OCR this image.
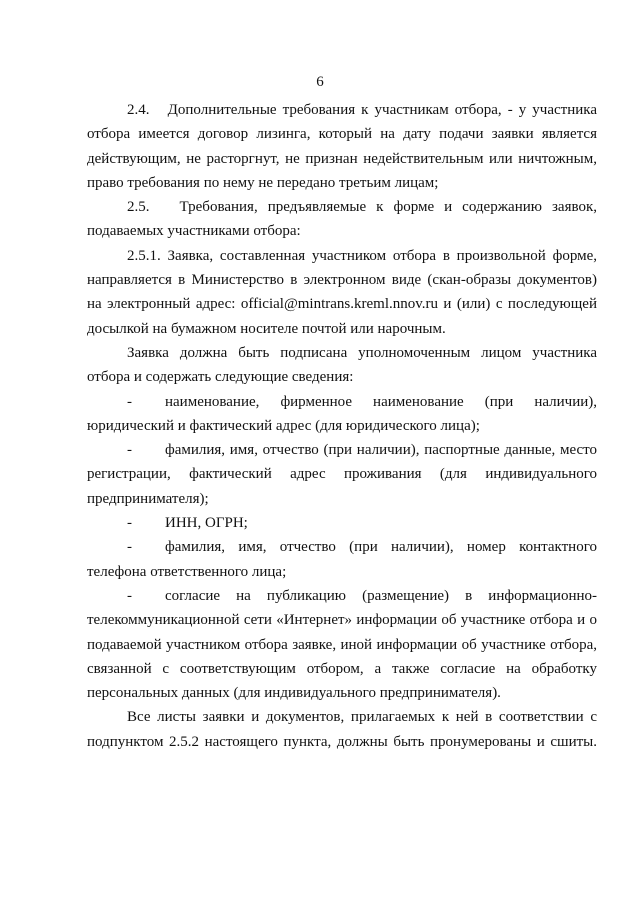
6

2.4.   Дополнительные требования к участникам отбора, - у участника отбора имеется договор лизинга, который на дату подачи заявки является действующим, не расторгнут, не признан недействительным или ничтожным, право требования по нему не передано третьим лицам;

2.5.   Требования, предъявляемые к форме и содержанию заявок, подаваемых участниками отбора:

2.5.1. Заявка, составленная участником отбора в произвольной форме, направляется в Министерство в электронном виде (скан-образы документов) на электронный адрес: official@mintrans.kreml.nnov.ru и (или) с последующей досылкой на бумажном носителе почтой или нарочным.

Заявка должна быть подписана уполномоченным лицом участника отбора и содержать следующие сведения:

- наименование, фирменное наименование (при наличии), юридический и фактический адрес (для юридического лица);

- фамилия, имя, отчество (при наличии), паспортные данные, место регистрации, фактический адрес проживания (для индивидуального предпринимателя);

- ИНН, ОГРН;

- фамилия, имя, отчество (при наличии), номер контактного телефона ответственного лица;

- согласие на публикацию (размещение) в информационно-телекоммуникационной сети «Интернет» информации об участнике отбора и о подаваемой участником отбора заявке, иной информации об участнике отбора, связанной с соответствующим отбором, а также согласие на обработку персональных данных (для индивидуального предпринимателя).

Все листы заявки и документов, прилагаемых к ней в соответствии с подпунктом 2.5.2 настоящего пункта, должны быть пронумерованы и сшиты.
